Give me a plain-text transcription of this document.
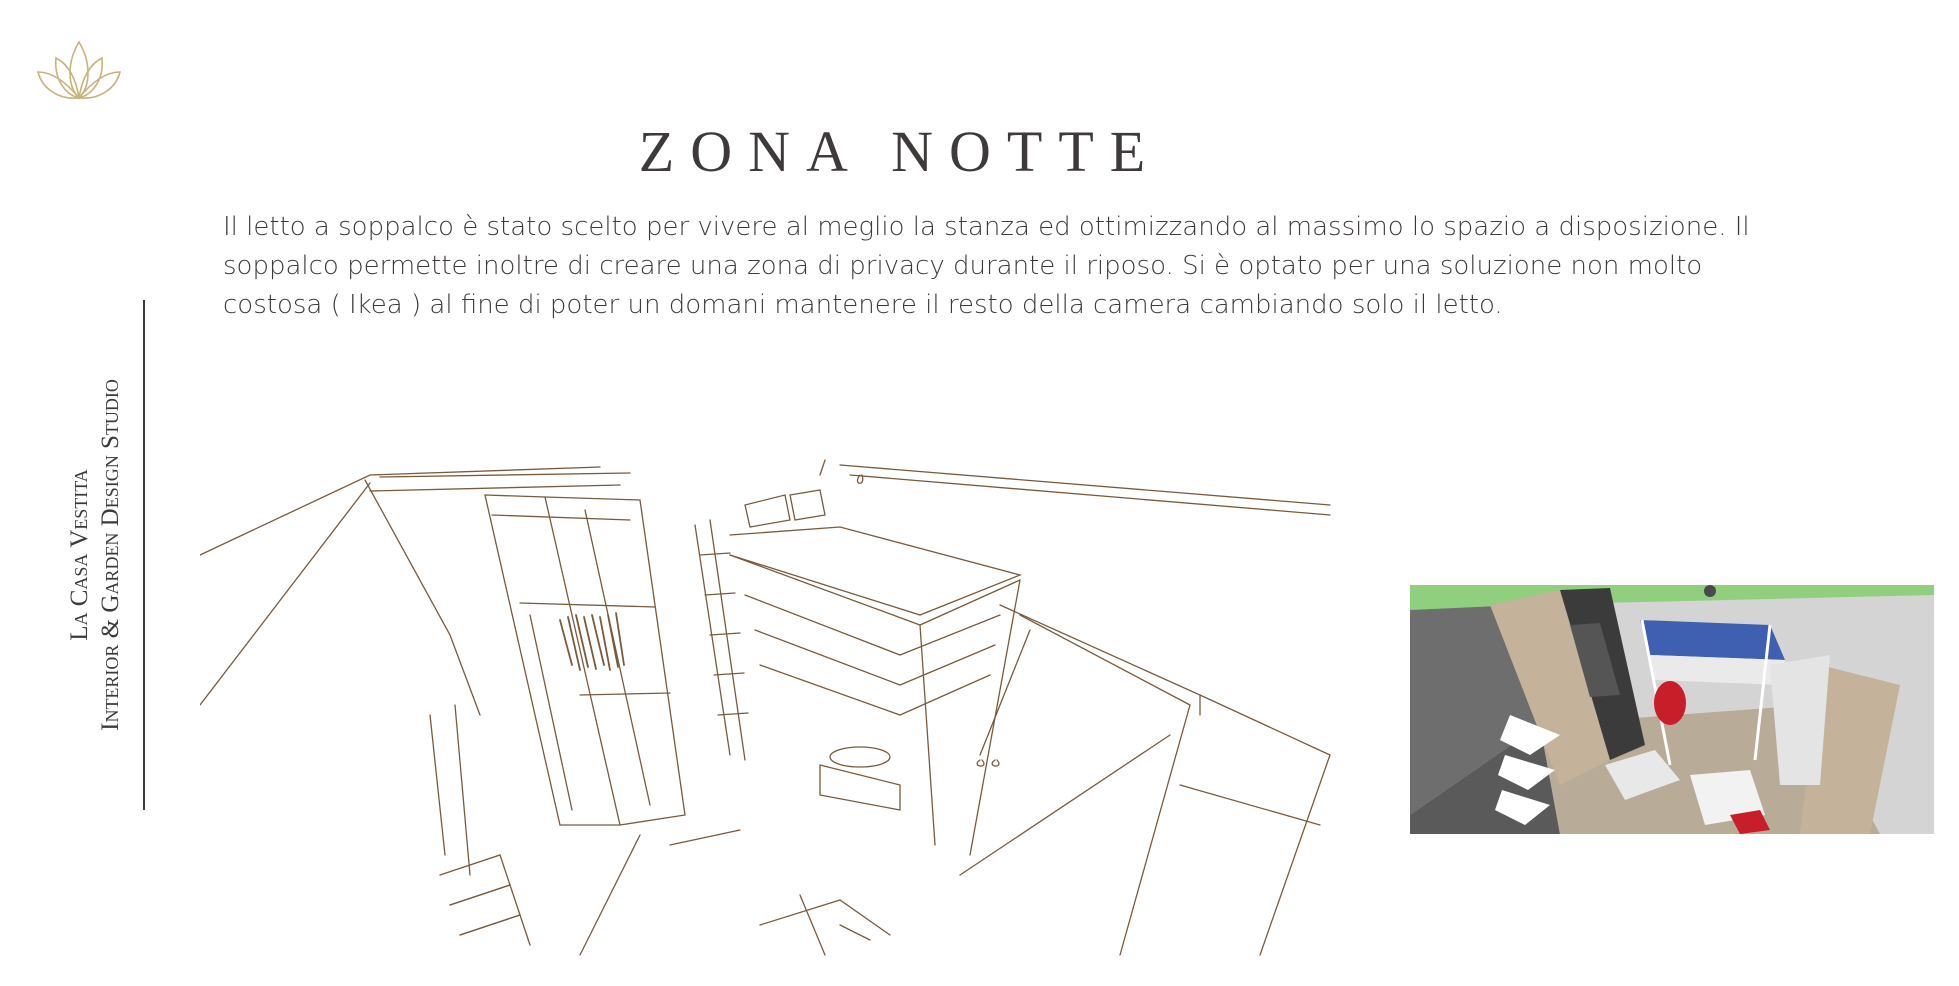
ZONA NOTTE

Il letto a soppalco è stato scelto per vivere al meglio la stanza ed ottimizzando al massimo lo spazio a disposizione. Il soppalco permette inoltre di creare una zona di privacy durante il riposo. Si è optato per una soluzione non molto costosa ( Ikea ) al fine di poter un domani mantenere il resto della camera cambiando solo il letto.

La Casa Vestita Interior & Garden Design Studio
